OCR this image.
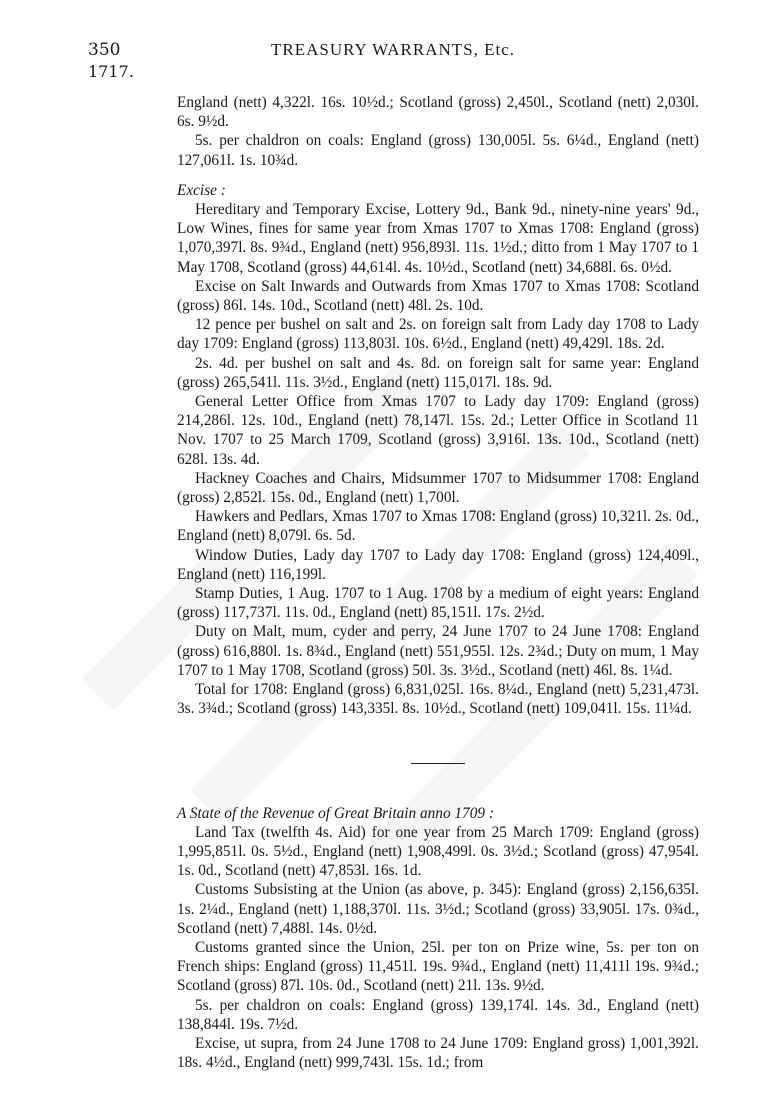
350	TREASURY WARRANTS, Etc.
1717.

England (nett) 4,322l. 16s. 10½d.; Scotland (gross) 2,450l., Scotland (nett) 2,030l. 6s. 9½d.

5s. per chaldron on coals: England (gross) 130,005l. 5s. 6¼d., England (nett) 127,061l. 1s. 10¾d.

Excise :

Hereditary and Temporary Excise, Lottery 9d., Bank 9d., ninety-nine years' 9d., Low Wines, fines for same year from Xmas 1707 to Xmas 1708: England (gross) 1,070,397l. 8s. 9¾d., England (nett) 956,893l. 11s. 1½d.; ditto from 1 May 1707 to 1 May 1708, Scotland (gross) 44,614l. 4s. 10½d., Scotland (nett) 34,688l. 6s. 0½d.

Excise on Salt Inwards and Outwards from Xmas 1707 to Xmas 1708: Scotland (gross) 86l. 14s. 10d., Scotland (nett) 48l. 2s. 10d.

12 pence per bushel on salt and 2s. on foreign salt from Lady day 1708 to Lady day 1709: England (gross) 113,803l. 10s. 6½d., England (nett) 49,429l. 18s. 2d.

2s. 4d. per bushel on salt and 4s. 8d. on foreign salt for same year: England (gross) 265,541l. 11s. 3½d., England (nett) 115,017l. 18s. 9d.

General Letter Office from Xmas 1707 to Lady day 1709: England (gross) 214,286l. 12s. 10d., England (nett) 78,147l. 15s. 2d.; Letter Office in Scotland 11 Nov. 1707 to 25 March 1709, Scotland (gross) 3,916l. 13s. 10d., Scotland (nett) 628l. 13s. 4d.

Hackney Coaches and Chairs, Midsummer 1707 to Midsummer 1708: England (gross) 2,852l. 15s. 0d., England (nett) 1,700l.

Hawkers and Pedlars, Xmas 1707 to Xmas 1708: England (gross) 10,321l. 2s. 0d., England (nett) 8,079l. 6s. 5d.

Window Duties, Lady day 1707 to Lady day 1708: England (gross) 124,409l., England (nett) 116,199l.

Stamp Duties, 1 Aug. 1707 to 1 Aug. 1708 by a medium of eight years: England (gross) 117,737l. 11s. 0d., England (nett) 85,151l. 17s. 2½d.

Duty on Malt, mum, cyder and perry, 24 June 1707 to 24 June 1708: England (gross) 616,880l. 1s. 8¾d., England (nett) 551,955l. 12s. 2¾d.; Duty on mum, 1 May 1707 to 1 May 1708, Scotland (gross) 50l. 3s. 3½d., Scotland (nett) 46l. 8s. 1¼d.

Total for 1708: England (gross) 6,831,025l. 16s. 8¼d., England (nett) 5,231,473l. 3s. 3¾d.; Scotland (gross) 143,335l. 8s. 10½d., Scotland (nett) 109,041l. 15s. 11¼d.

A State of the Revenue of Great Britain anno 1709 :

Land Tax (twelfth 4s. Aid) for one year from 25 March 1709: England (gross) 1,995,851l. 0s. 5½d., England (nett) 1,908,499l. 0s. 3½d.; Scotland (gross) 47,954l. 1s. 0d., Scotland (nett) 47,853l. 16s. 1d.

Customs Subsisting at the Union (as above, p. 345): England (gross) 2,156,635l. 1s. 2¼d., England (nett) 1,188,370l. 11s. 3½d.; Scotland (gross) 33,905l. 17s. 0¾d., Scotland (nett) 7,488l. 14s. 0½d.

Customs granted since the Union, 25l. per ton on Prize wine, 5s. per ton on French ships: England (gross) 11,451l. 19s. 9¾d., England (nett) 11,411l 19s. 9¾d.; Scotland (gross) 87l. 10s. 0d., Scotland (nett) 21l. 13s. 9½d.

5s. per chaldron on coals: England (gross) 139,174l. 14s. 3d., England (nett) 138,844l. 19s. 7½d.

Excise, ut supra, from 24 June 1708 to 24 June 1709: England gross) 1,001,392l. 18s. 4½d., England (nett) 999,743l. 15s. 1d.; from
